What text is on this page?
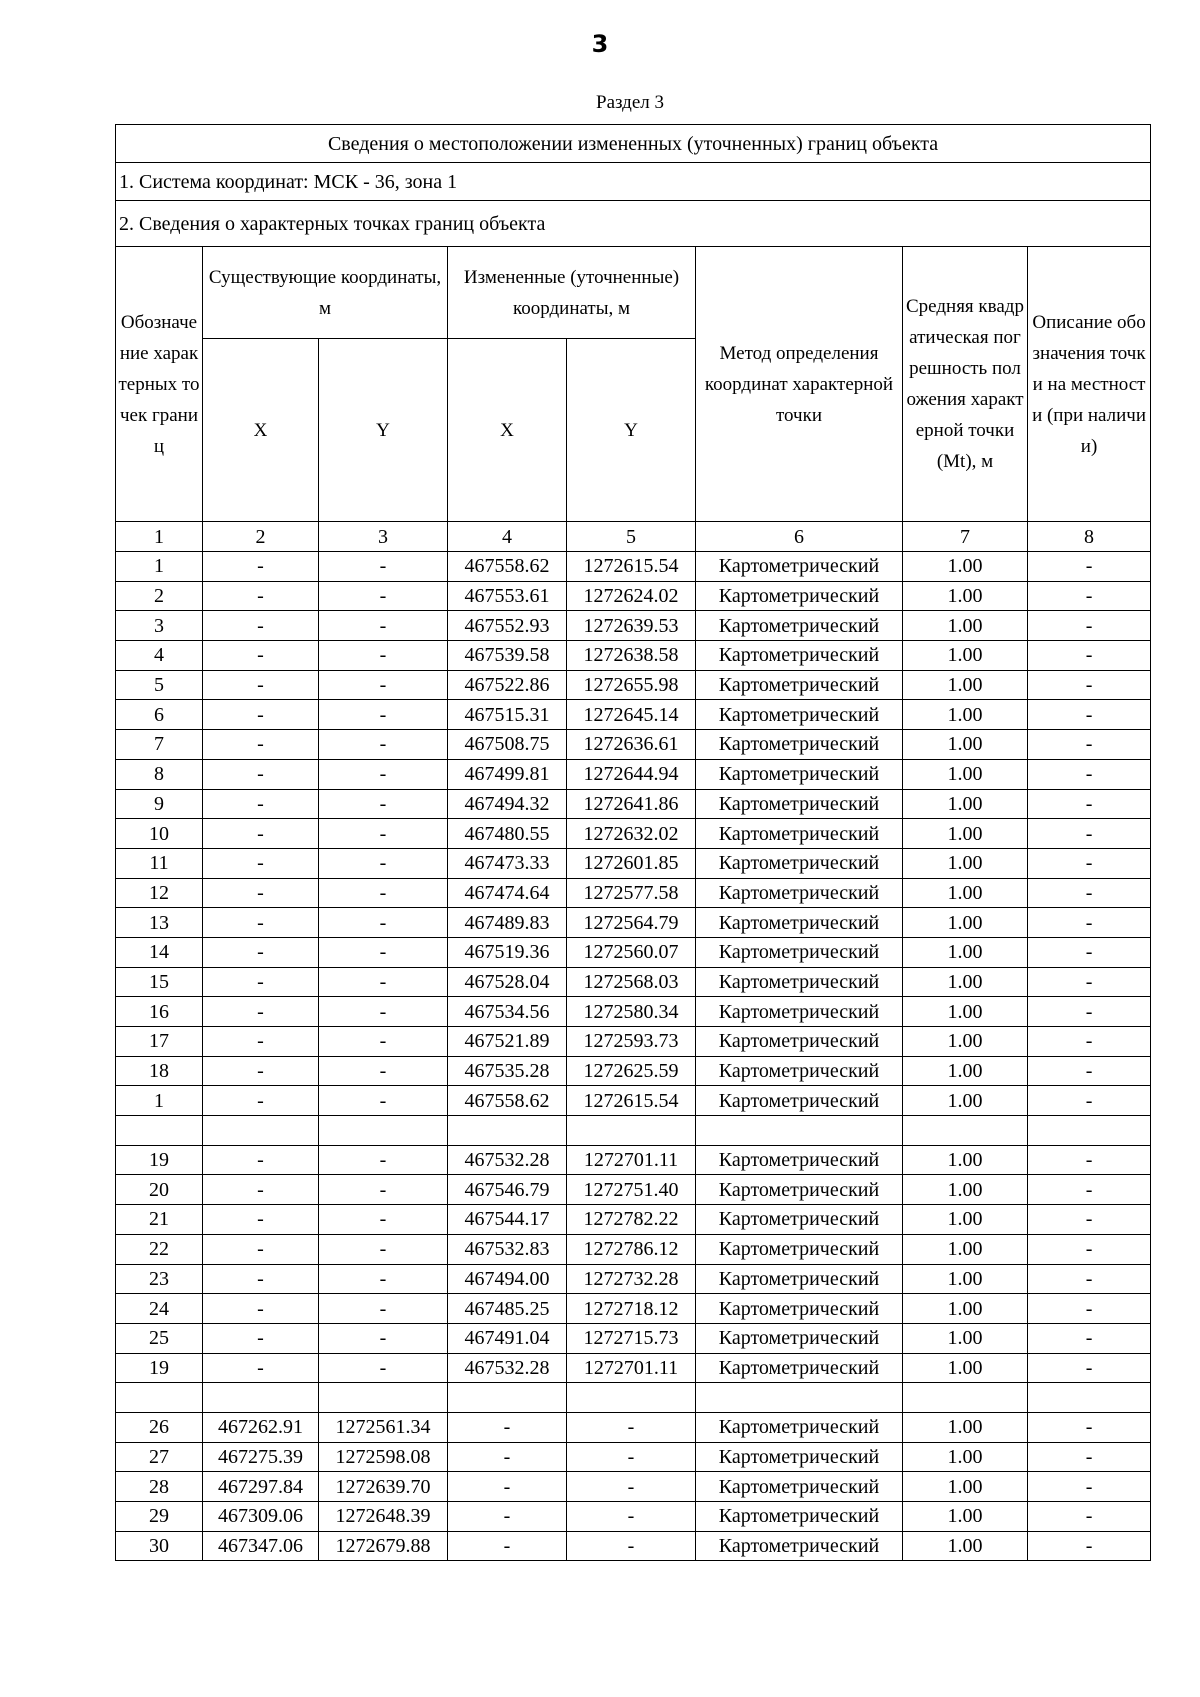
3
Раздел 3
Сведения о местоположении измененных (уточненных) границ объекта							
1. Система координат: МСК - 36, зона 1							
2. Сведения о характерных точках границ объекта							
Обозначение характерных точек границ	Существующие координаты, м		Измененные (уточненные) координаты, м		Метод определения координат характерной точки	Средняя квадратическая погрешность положения характерной точки (Mt), м	Описание обозначения точки на местности (при наличии)
	X	Y	X	Y			
1	2	3	4	5	6	7	8
1	-	-	467558.62	1272615.54	Картометрический	1.00	-
2	-	-	467553.61	1272624.02	Картометрический	1.00	-
3	-	-	467552.93	1272639.53	Картометрический	1.00	-
4	-	-	467539.58	1272638.58	Картометрический	1.00	-
5	-	-	467522.86	1272655.98	Картометрический	1.00	-
6	-	-	467515.31	1272645.14	Картометрический	1.00	-
7	-	-	467508.75	1272636.61	Картометрический	1.00	-
8	-	-	467499.81	1272644.94	Картометрический	1.00	-
9	-	-	467494.32	1272641.86	Картометрический	1.00	-
10	-	-	467480.55	1272632.02	Картометрический	1.00	-
11	-	-	467473.33	1272601.85	Картометрический	1.00	-
12	-	-	467474.64	1272577.58	Картометрический	1.00	-
13	-	-	467489.83	1272564.79	Картометрический	1.00	-
14	-	-	467519.36	1272560.07	Картометрический	1.00	-
15	-	-	467528.04	1272568.03	Картометрический	1.00	-
16	-	-	467534.56	1272580.34	Картометрический	1.00	-
17	-	-	467521.89	1272593.73	Картометрический	1.00	-
18	-	-	467535.28	1272625.59	Картометрический	1.00	-
1	-	-	467558.62	1272615.54	Картометрический	1.00	-

19	-	-	467532.28	1272701.11	Картометрический	1.00	-
20	-	-	467546.79	1272751.40	Картометрический	1.00	-
21	-	-	467544.17	1272782.22	Картометрический	1.00	-
22	-	-	467532.83	1272786.12	Картометрический	1.00	-
23	-	-	467494.00	1272732.28	Картометрический	1.00	-
24	-	-	467485.25	1272718.12	Картометрический	1.00	-
25	-	-	467491.04	1272715.73	Картометрический	1.00	-
19	-	-	467532.28	1272701.11	Картометрический	1.00	-

26	467262.91	1272561.34	-	-	Картометрический	1.00	-
27	467275.39	1272598.08	-	-	Картометрический	1.00	-
28	467297.84	1272639.70	-	-	Картометрический	1.00	-
29	467309.06	1272648.39	-	-	Картометрический	1.00	-
30	467347.06	1272679.88	-	-	Картометрический	1.00	-
